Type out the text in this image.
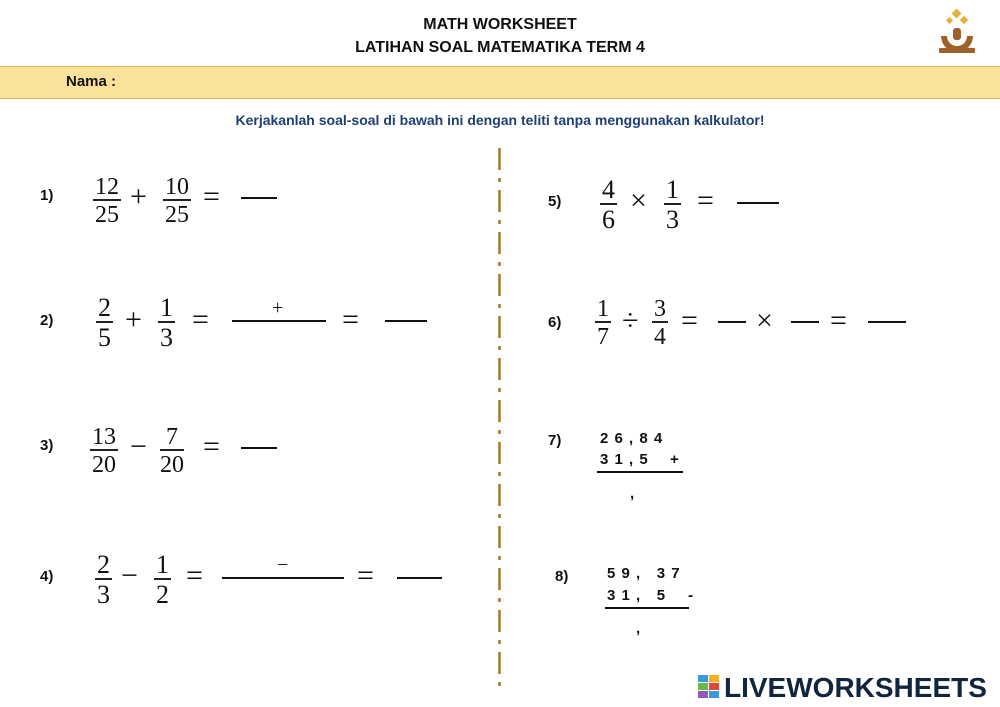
MATH WORKSHEET
LATIHAN SOAL MATEMATIKA TERM 4
Nama :
Kerjakanlah soal-soal di bawah ini dengan teliti tanpa menggunakan kalkulator!
$1) \frac{12}{25} + \frac{10}{25}$ =
$2) \frac{2}{5} + \frac{1}{3}$ =	+ =
$3) \frac{13}{20} - \frac{7}{20}$ =
$4) \frac{2}{3} - \frac{1}{2}$ =	− =
$5) \frac{4}{6} \times \frac{1}{3}$ =
$6) \frac{1}{7} \div \frac{3}{4}$ = × =
7)	2 6 , 8 4
3 1 , 5 +
,
8)	5 9 ,   3 7
3 1 ,   5 -
,
LIVEWORKSHEETS
